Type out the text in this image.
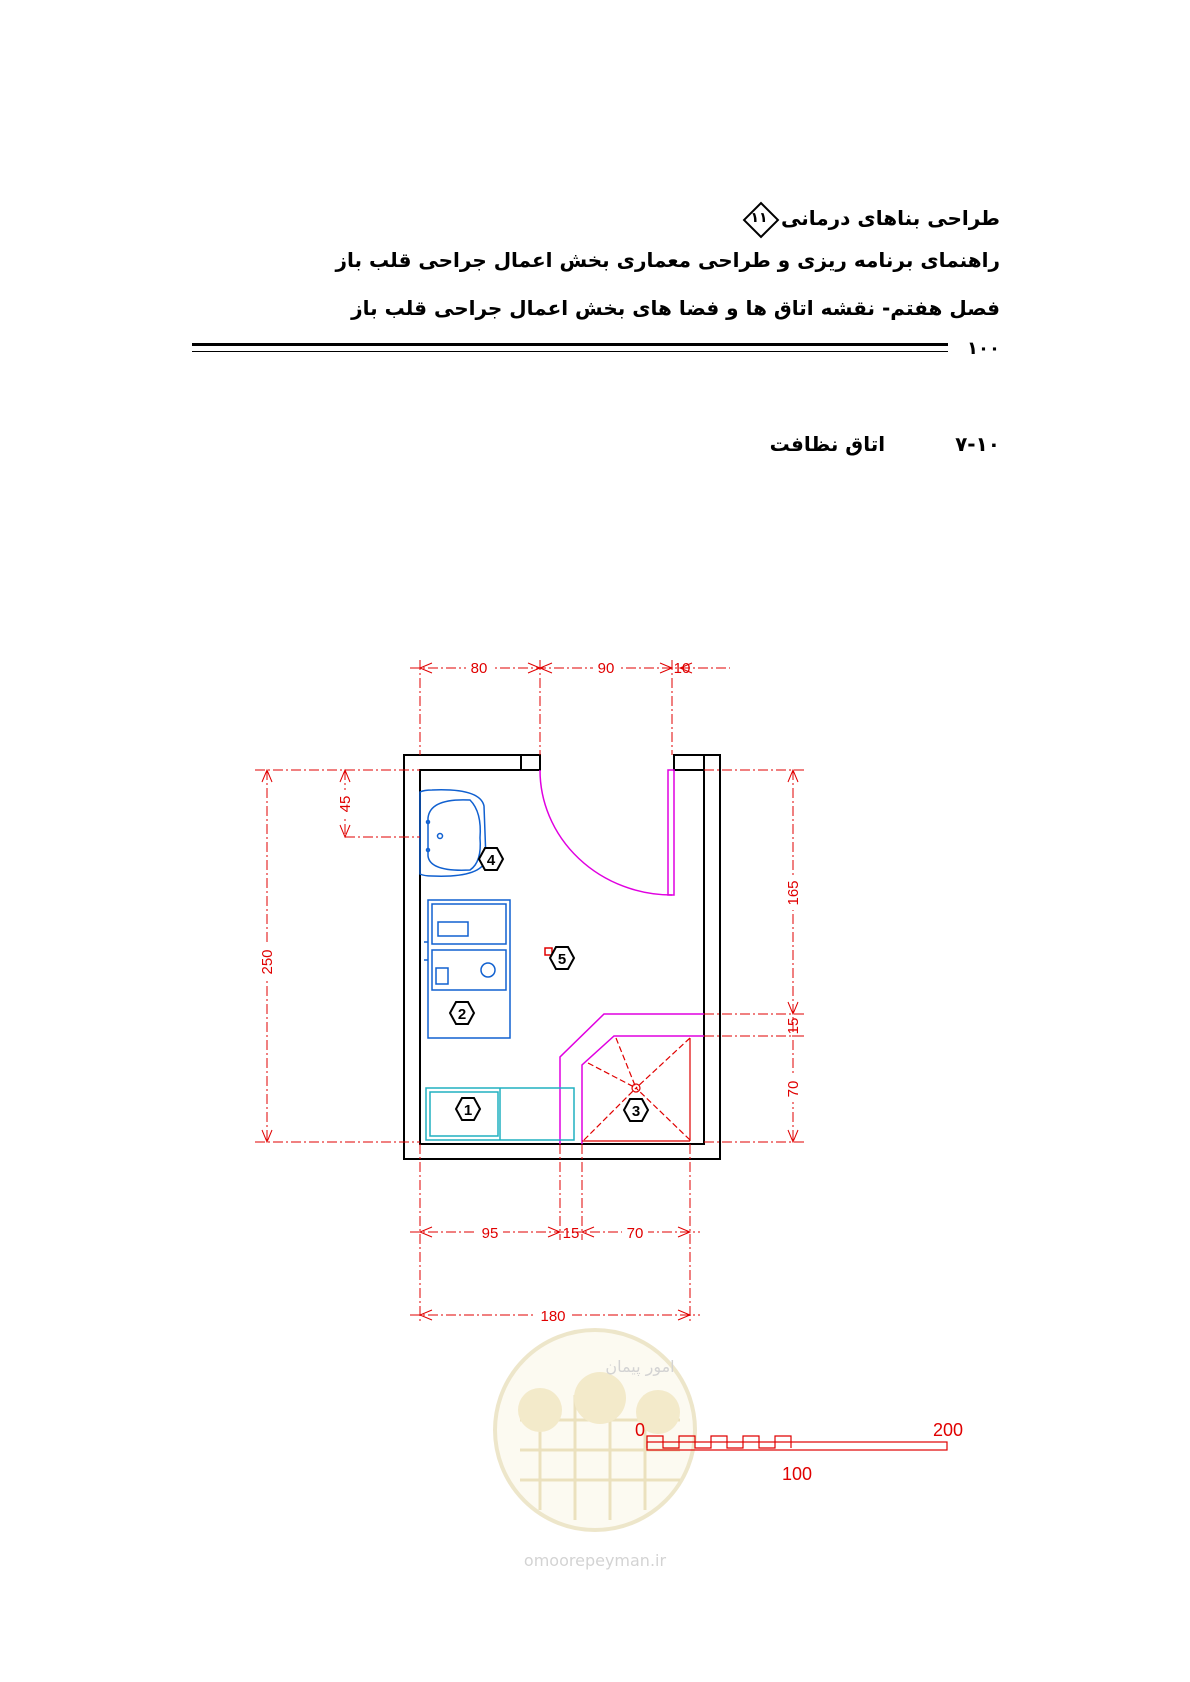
طراحی بناهای درمانی
۱۱
راهنمای برنامه ریزی و طراحی معماری بخش اعمال جراحی قلب باز
فصل هفتم- نقشه اتاق ها و فضا های بخش اعمال جراحی قلب باز
۱۰۰
۷-۱۰
اتاق نظافت
80	90	10
250
45
165
15
70
95	15	70
180
1
2
3
4
5
امور پیمان
omoorepeyman.ir
0
100
200
